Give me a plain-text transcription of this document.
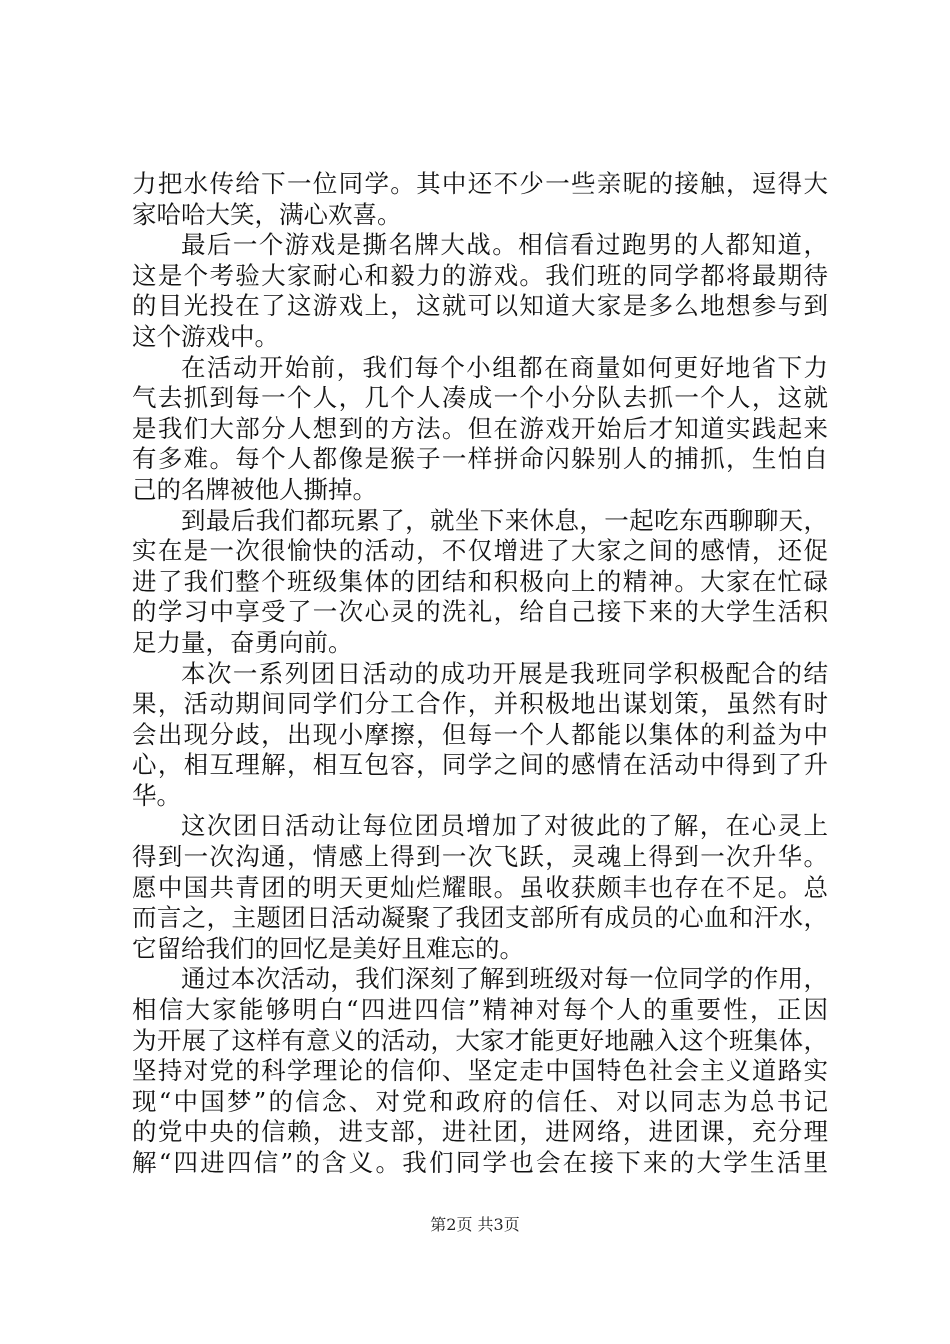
力把水传给下一位同学。其中还不少一些亲昵的接触，逗得大
家哈哈大笑，满心欢喜。
最后一个游戏是撕名牌大战。相信看过跑男的人都知道，
这是个考验大家耐心和毅力的游戏。我们班的同学都将最期待
的目光投在了这游戏上，这就可以知道大家是多么地想参与到
这个游戏中。
在活动开始前，我们每个小组都在商量如何更好地省下力
气去抓到每一个人，几个人凑成一个小分队去抓一个人，这就
是我们大部分人想到的方法。但在游戏开始后才知道实践起来
有多难。每个人都像是猴子一样拼命闪躲别人的捕抓，生怕自
己的名牌被他人撕掉。
到最后我们都玩累了，就坐下来休息，一起吃东西聊聊天，
实在是一次很愉快的活动，不仅增进了大家之间的感情，还促
进了我们整个班级集体的团结和积极向上的精神。大家在忙碌
的学习中享受了一次心灵的洗礼，给自己接下来的大学生活积
足力量，奋勇向前。
本次一系列团日活动的成功开展是我班同学积极配合的结
果，活动期间同学们分工合作，并积极地出谋划策，虽然有时
会出现分歧，出现小摩擦，但每一个人都能以集体的利益为中
心，相互理解，相互包容，同学之间的感情在活动中得到了升
华。
这次团日活动让每位团员增加了对彼此的了解，在心灵上
得到一次沟通，情感上得到一次飞跃，灵魂上得到一次升华。
愿中国共青团的明天更灿烂耀眼。虽收获颇丰也存在不足。总
而言之，主题团日活动凝聚了我团支部所有成员的心血和汗水，
它留给我们的回忆是美好且难忘的。
通过本次活动，我们深刻了解到班级对每一位同学的作用，
相信大家能够明白“四进四信”精神对每个人的重要性，正因
为开展了这样有意义的活动，大家才能更好地融入这个班集体，
坚持对党的科学理论的信仰、坚定走中国特色社会主义道路实
现“中国梦”的信念、对党和政府的信任、对以同志为总书记
的党中央的信赖，进支部，进社团，进网络，进团课，充分理
解“四进四信”的含义。我们同学也会在接下来的大学生活里
第2页 共3页
